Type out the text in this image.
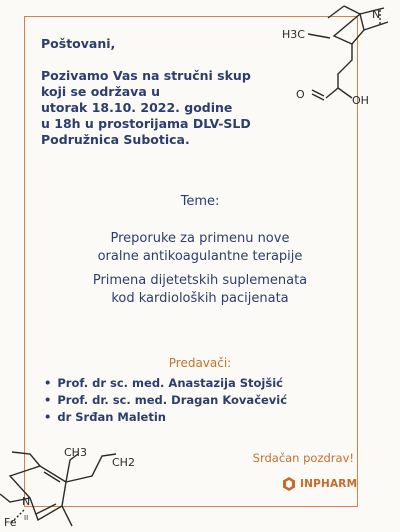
H3C
N
O	OH
CH3
CH2
N
Fe II

Poštovani,

Pozivamo Vas na stručni skup

koji se održava u

utorak 18.10. 2022. godine

u 18h u prostorijama DLV-SLD

Podružnica Subotica.

Teme:
Preporuke za primenu nove
oralne antikoagulantne terapije
Primena dijetetskih suplemenata
kod kardioloških pacijenata
Predavači:
• Prof. dr sc. med. Anastazija Stojšić
• Prof. dr. sc. med. Dragan Kovačević
• dr Srđan Maletin
Srdačan pozdrav!
INPHARM
